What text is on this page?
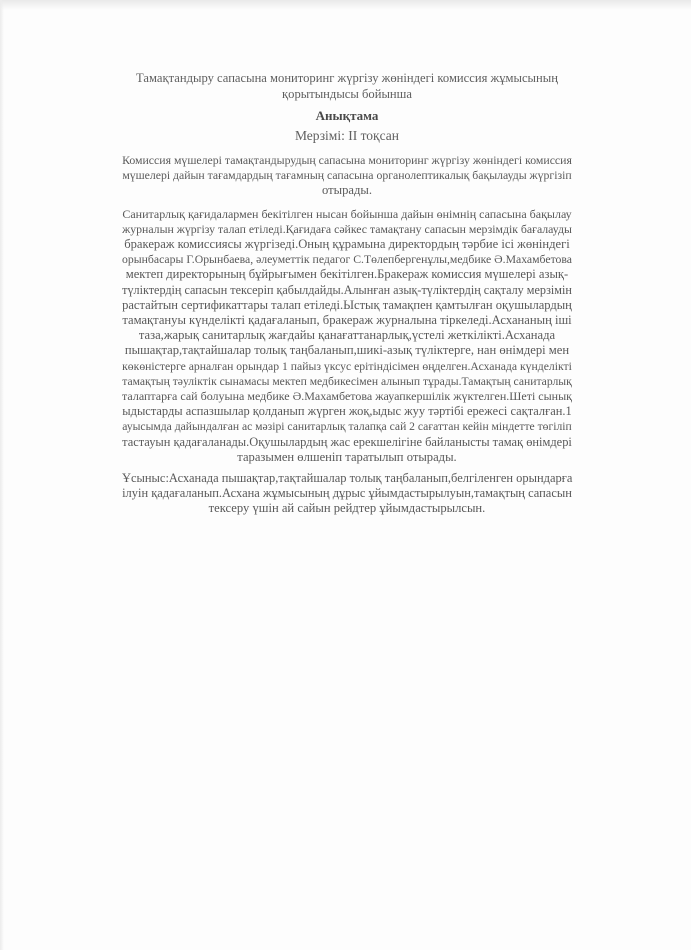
Тамақтандыру сапасына мониторинг жүргізу жөніндегі комиссия жұмысының

қорытындысы бойынша

Анықтама

Мерзімі: II тоқсан

Комиссия мүшелері тамақтандырудың сапасына мониторинг жүргізу жөніндегі комиссия
мүшелері дайын тағамдардың тағамның сапасына органолептикалық бақылауды жүргізіп
отырады.

Санитарлық қағидалармен бекітілген нысан бойынша дайын өнімнің сапасына бақылау
журналын жүргізу талап етіледі.Қағидаға сәйкес тамақтану сапасын мерзімдік бағалауды
бракераж комиссиясы жүргізеді.Оның құрамына директордың тәрбие ісі жөніндегі
орынбасары Г.Орынбаева, әлеуметтік педагог С.Төлепбергенұлы,медбике Ә.Махамбетова
мектеп директорының бұйрығымен бекітілген.Бракераж комиссия мүшелері азық-
түліктердің сапасын тексеріп қабылдайды.Алынған азық-түліктердің сақталу мерзімін
растайтын сертификаттары талап етіледі.Ыстық тамақпен қамтылған оқушылардың
тамақтануы күнделікті қадағаланып, бракераж журналына тіркеледі.Асхананың іші
таза,жарық санитарлық жағдайы қанағаттанарлық,үстелі жеткілікті.Асханада
пышақтар,тақтайшалар толық таңбаланып,шикі-азық түліктерге, нан өнімдері мен
көкөністерге арналған орындар 1 пайыз үксус ерітіндісімен өңделген.Асханада күнделікті
тамақтың тәуліктік сынамасы мектеп медбикесімен алынып тұрады.Тамақтың санитарлық
талаптарға сай болуына медбике Ә.Махамбетова жауапкершілік жүктелген.Шеті сынық
ыдыстарды аспазшылар қолданып жүрген жоқ,ыдыс жуу тәртібі ережесі сақталған.1
ауысымда дайындалған ас мәзірі санитарлық талапқа сай 2 сағаттан кейін міндетте төгіліп
тастауын қадағаланады.Оқушылардың жас ерекшелігіне байланысты тамақ өнімдері
таразымен өлшеніп таратылып отырады.

Ұсыныс:Асханада пышақтар,тақтайшалар толық таңбаланып,белгіленген орындарға
ілуін қадағаланып.Асхана жұмысының дұрыс ұйымдастырылуын,тамақтың сапасын
тексеру үшін ай сайын рейдтер ұйымдастырылсын.
